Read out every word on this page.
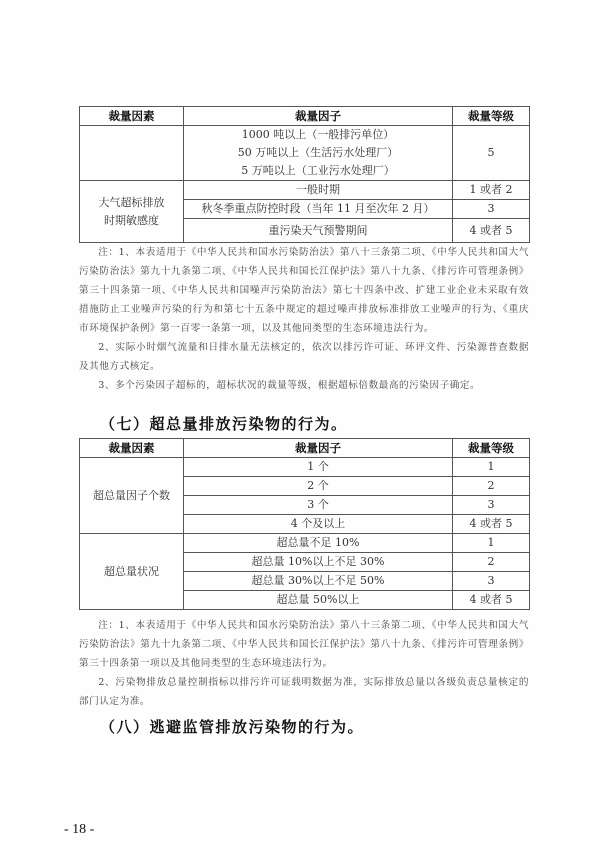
裁量因素	裁量因子	裁量等级

	1000 吨以上（一般排污单位）
50 万吨以上（生活污水处理厂）
5 万吨以上（工业污水处理厂）	5

大气超标排放
时期敏感度	一般时期	1 或者 2
	秋冬季重点防控时段（当年 11 月至次年 2 月）	3
	重污染天气预警期间	4 或者 5

注：1、本表适用于《中华人民共和国水污染防治法》第八十三条第二项、《中华人民共和国大气污染防治法》第九十九条第二项、《中华人民共和国长江保护法》第八十九条、《排污许可管理条例》第三十四条第一项、《中华人民共和国噪声污染防治法》第七十四条中改、扩建工业企业未采取有效措施防止工业噪声污染的行为和第七十五条中规定的超过噪声排放标准排放工业噪声的行为、《重庆市环境保护条例》第一百零一条第一项，以及其他同类型的生态环境违法行为。

2、实际小时烟气流量和日排水量无法核定的，依次以排污许可证、环评文件、污染源普查数据及其他方式核定。

3、多个污染因子超标的，超标状况的裁量等级，根据超标倍数最高的污染因子确定。

（七）超总量排放污染物的行为。
裁量因素	裁量因子	裁量等级
超总量因子个数	1 个	1
	2 个	2
	3 个	3
	4 个及以上	4 或者 5
超总量状况	超总量不足 10%	1
	超总量 10%以上不足 30%	2
	超总量 30%以上不足 50%	3
	超总量 50%以上	4 或者 5

注：1、本表适用于《中华人民共和国水污染防治法》第八十三条第二项、《中华人民共和国大气污染防治法》第九十九条第二项、《中华人民共和国长江保护法》第八十九条、《排污许可管理条例》第三十四条第一项以及其他同类型的生态环境违法行为。

2、污染物排放总量控制指标以排污许可证载明数据为准，实际排放总量以各级负责总量核定的部门认定为准。

（八）逃避监管排放污染物的行为。
- 18 -
